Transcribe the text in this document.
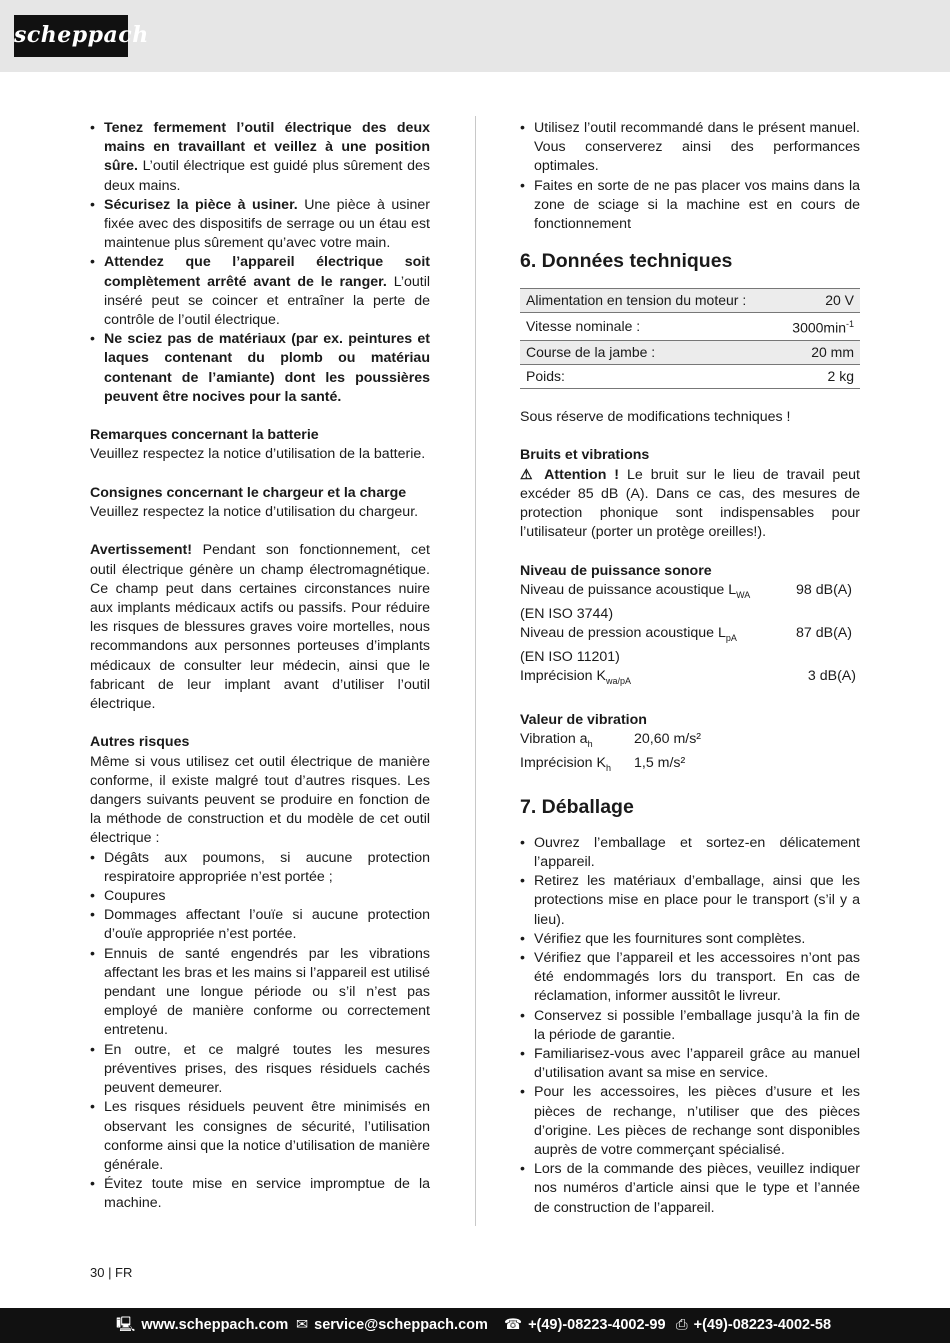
scheppach
• Tenez fermement l’outil électrique des deux mains en travaillant et veillez à une position sûre. L’outil électrique est guidé plus sûrement des deux mains.
• Sécurisez la pièce à usiner. Une pièce à usiner fixée avec des dispositifs de serrage ou un étau est maintenue plus sûrement qu’avec votre main.
• Attendez que l’appareil électrique soit complètement arrêté avant de le ranger. L’outil inséré peut se coincer et entraîner la perte de contrôle de l’outil électrique.
• Ne sciez pas de matériaux (par ex. peintures et laques contenant du plomb ou matériau contenant de l’amiante) dont les poussières peuvent être nocives pour la santé.

Remarques concernant la batterie

Veuillez respectez la notice d’utilisation de la batterie.

Consignes concernant le chargeur et la charge

Veuillez respectez la notice d’utilisation du chargeur.

Avertissement! Pendant son fonctionnement, cet outil électrique génère un champ électromagnétique. Ce champ peut dans certaines circonstances nuire aux implants médicaux actifs ou passifs. Pour réduire les risques de blessures graves voire mortelles, nous recommandons aux personnes porteuses d’implants médicaux de consulter leur médecin, ainsi que le fabricant de leur implant avant d’utiliser l’outil électrique.

Autres risques

Même si vous utilisez cet outil électrique de manière conforme, il existe malgré tout d’autres risques. Les dangers suivants peuvent se produire en fonction de la méthode de construction et du modèle de cet outil électrique :

• Dégâts aux poumons, si aucune protection respiratoire appropriée n’est portée ;
• Coupures
• Dommages affectant l’ouïe si aucune protection d’ouïe appropriée n’est portée.
• Ennuis de santé engendrés par les vibrations affectant les bras et les mains si l’appareil est utilisé pendant une longue période ou s’il n’est pas employé de manière conforme ou correctement entretenu.
• En outre, et ce malgré toutes les mesures préventives prises, des risques résiduels cachés peuvent demeurer.
• Les risques résiduels peuvent être minimisés en observant les consignes de sécurité, l’utilisation conforme ainsi que la notice d’utilisation de manière générale.
• Évitez toute mise en service impromptue de la machine.
• Utilisez l’outil recommandé dans le présent manuel. Vous conserverez ainsi des performances optimales.
• Faites en sorte de ne pas placer vos mains dans la zone de sciage si la machine est en cours de fonctionnement
6. Données techniques
Alimentation en tension du moteur :	20 V
Vitesse nominale :	$3000\min^{-1}$
Course de la jambe :	20 mm
Poids:	2 kg

Sous réserve de modifications techniques !

Bruits et vibrations

⚠ Attention ! Le bruit sur le lieu de travail peut excéder 85 dB (A). Dans ce cas, des mesures de protection phonique sont indispensables pour l’utilisateur (porter un protège oreilles!).

Niveau de puissance sonore

Niveau de puissance acoustique $L_{WA}$	98 dB(A)

(EN ISO 3744)

Niveau de pression acoustique $L_{pA}$	87 dB(A)

(EN ISO 11201)

Imprécision $K_{wa/pA}$	3 dB(A)

Valeur de vibration

Vibration $a_h$	20,60 m/s²
Imprécision $K_h$	1,5 m/s²
7. Déballage
• Ouvrez l’emballage et sortez-en délicatement l’appareil.
• Retirez les matériaux d’emballage, ainsi que les protections mise en place pour le transport (s’il y a lieu).
• Vérifiez que les fournitures sont complètes.
• Vérifiez que l’appareil et les accessoires n’ont pas été endommagés lors du transport. En cas de réclamation, informer aussitôt le livreur.
• Conservez si possible l’emballage jusqu’à la fin de la période de garantie.
• Familiarisez-vous avec l’appareil grâce au manuel d’utilisation avant sa mise en service.
• Pour les accessoires, les pièces d’usure et les pièces de rechange, n’utiliser que des pièces d’origine. Les pièces de rechange sont disponibles auprès de votre commerçant spécialisé.
• Lors de la commande des pièces, veuillez indiquer nos numéros d’article ainsi que le type et l’année de construction de l’appareil.
30 | FR
🖳 www.scheppach.com ✉ service@scheppach.com ☎ +(49)-08223-4002-99 ⎙ +(49)-08223-4002-58
